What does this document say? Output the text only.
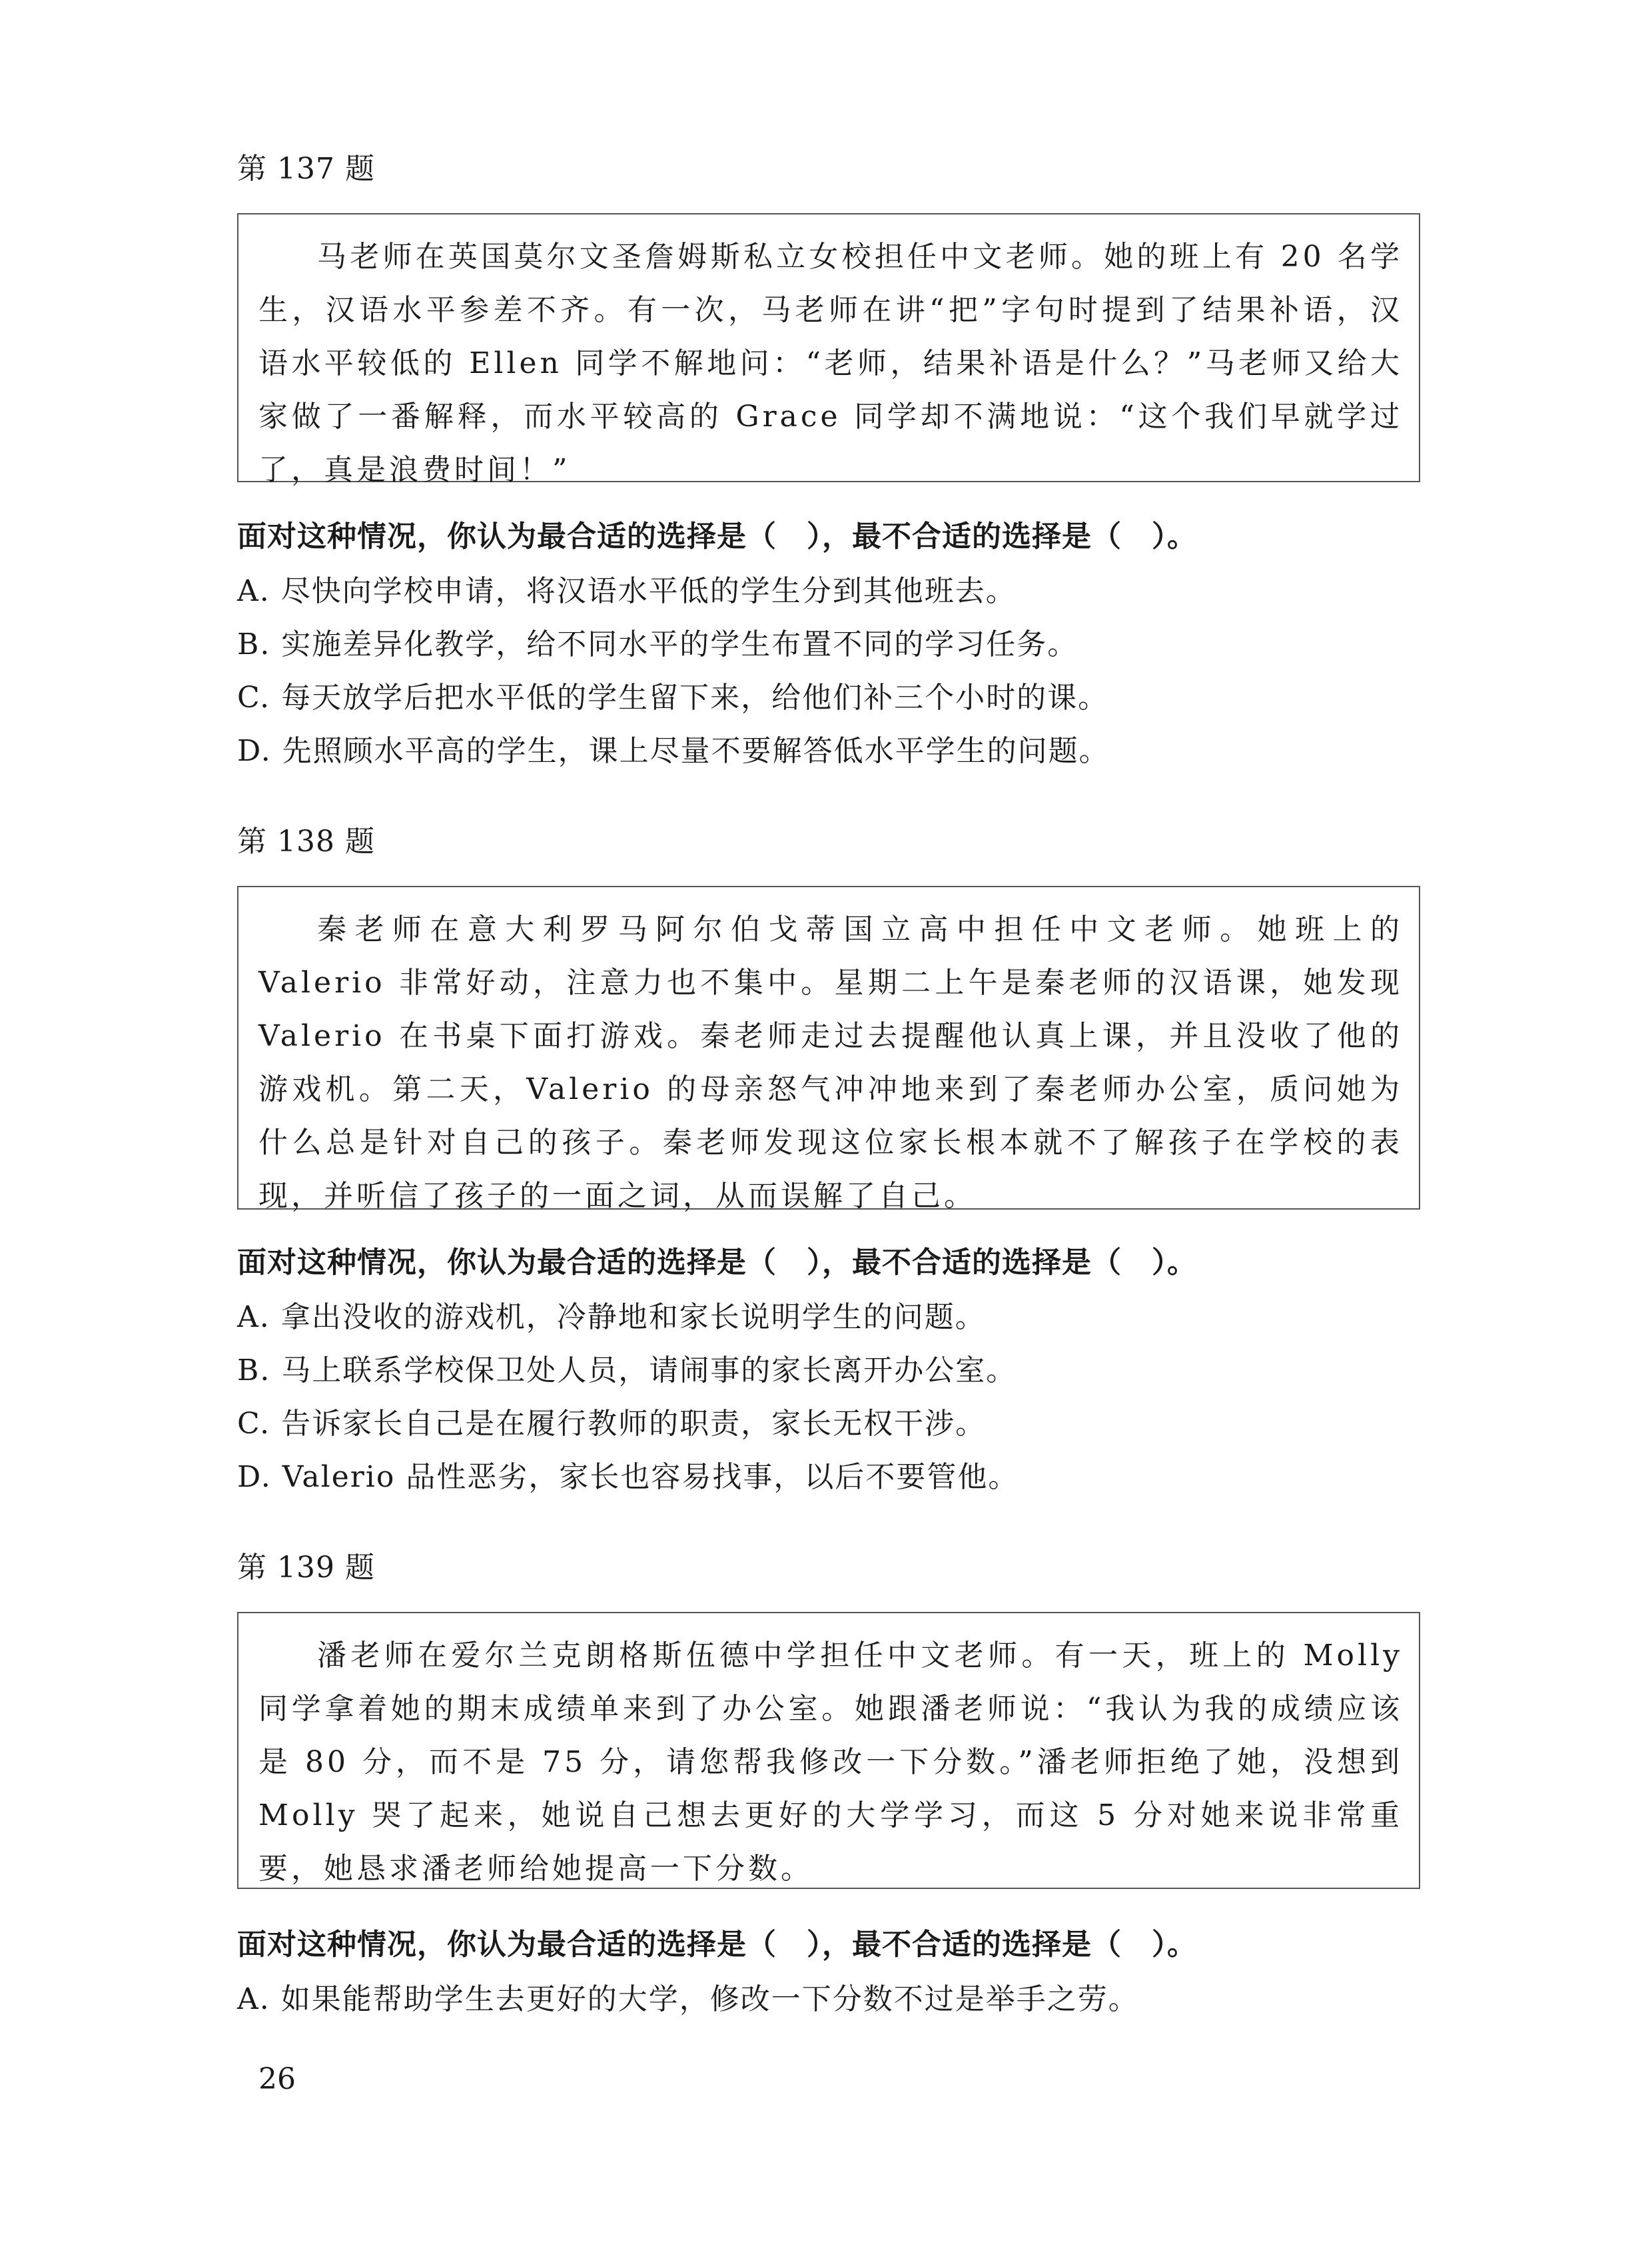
第 137 题
马老师在英国莫尔文圣詹姆斯私立女校担任中文老师。她的班上有 20 名学生，汉语水平参差不齐。有一次，马老师在讲“把”字句时提到了结果补语，汉语水平较低的 Ellen 同学不解地问：“老师，结果补语是什么？”马老师又给大家做了一番解释，而水平较高的 Grace 同学却不满地说：“这个我们早就学过了，真是浪费时间！”
面对这种情况，你认为最合适的选择是（　），最不合适的选择是（　）。
A. 尽快向学校申请，将汉语水平低的学生分到其他班去。
B. 实施差异化教学，给不同水平的学生布置不同的学习任务。
C. 每天放学后把水平低的学生留下来，给他们补三个小时的课。
D. 先照顾水平高的学生，课上尽量不要解答低水平学生的问题。
第 138 题
秦老师在意大利罗马阿尔伯戈蒂国立高中担任中文老师。她班上的 Valerio 非常好动，注意力也不集中。星期二上午是秦老师的汉语课，她发现 Valerio 在书桌下面打游戏。秦老师走过去提醒他认真上课，并且没收了他的游戏机。第二天，Valerio 的母亲怒气冲冲地来到了秦老师办公室，质问她为什么总是针对自己的孩子。秦老师发现这位家长根本就不了解孩子在学校的表现，并听信了孩子的一面之词，从而误解了自己。
面对这种情况，你认为最合适的选择是（　），最不合适的选择是（　）。
A. 拿出没收的游戏机，冷静地和家长说明学生的问题。
B. 马上联系学校保卫处人员，请闹事的家长离开办公室。
C. 告诉家长自己是在履行教师的职责，家长无权干涉。
D. Valerio 品性恶劣，家长也容易找事，以后不要管他。
第 139 题
潘老师在爱尔兰克朗格斯伍德中学担任中文老师。有一天，班上的 Molly 同学拿着她的期末成绩单来到了办公室。她跟潘老师说：“我认为我的成绩应该是 80 分，而不是 75 分，请您帮我修改一下分数。”潘老师拒绝了她，没想到 Molly 哭了起来，她说自己想去更好的大学学习，而这 5 分对她来说非常重要，她恳求潘老师给她提高一下分数。
面对这种情况，你认为最合适的选择是（　），最不合适的选择是（　）。
A. 如果能帮助学生去更好的大学，修改一下分数不过是举手之劳。
26
